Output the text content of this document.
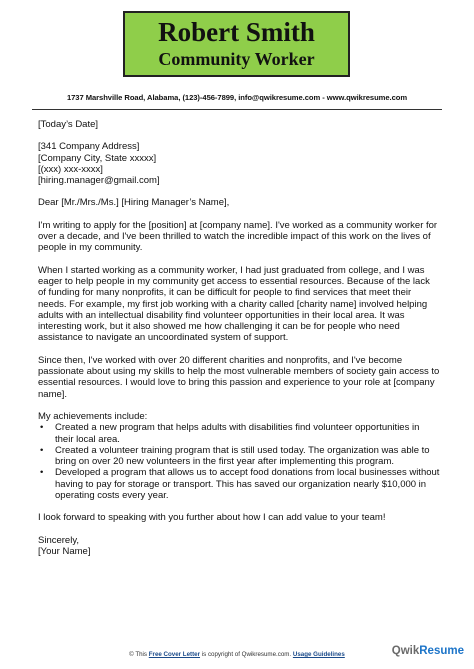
Robert Smith
Community Worker
1737 Marshville Road, Alabama, (123)-456-7899, info@qwikresume.com - www.qwikresume.com

[Today’s Date]

[341 Company Address]

[Company City, State xxxxx]

[(xxx) xxx-xxxx]

[hiring.manager@gmail.com]

Dear [Mr./Mrs./Ms.] [Hiring Manager’s Name],

I'm writing to apply for the [position] at [company name]. I've worked as a community worker for over a decade, and I've been thrilled to watch the incredible impact of this work on the lives of people in my community.

When I started working as a community worker, I had just graduated from college, and I was eager to help people in my community get access to essential resources. Because of the lack of funding for many nonprofits, it can be difficult for people to find services that meet their needs. For example, my first job working with a charity called [charity name] involved helping adults with an intellectual disability find volunteer opportunities in their local area. It was interesting work, but it also showed me how challenging it can be for people who need assistance to navigate an uncoordinated system of support.

Since then, I've worked with over 20 different charities and nonprofits, and I've become passionate about using my skills to help the most vulnerable members of society gain access to essential resources. I would love to bring this passion and experience to your role at [company name].

My achievements include:

• Created a new program that helps adults with disabilities find volunteer opportunities in their local area.
• Created a volunteer training program that is still used today. The organization was able to bring on over 20 new volunteers in the first year after implementing this program.
• Developed a program that allows us to accept food donations from local businesses without having to pay for storage or transport. This has saved our organization nearly $10,000 in operating costs every year.

I look forward to speaking with you further about how I can add value to your team!

Sincerely,

[Your Name]

© This Free Cover Letter is copyright of Qwikresume.com. Usage Guidelines	Qwik Resume
